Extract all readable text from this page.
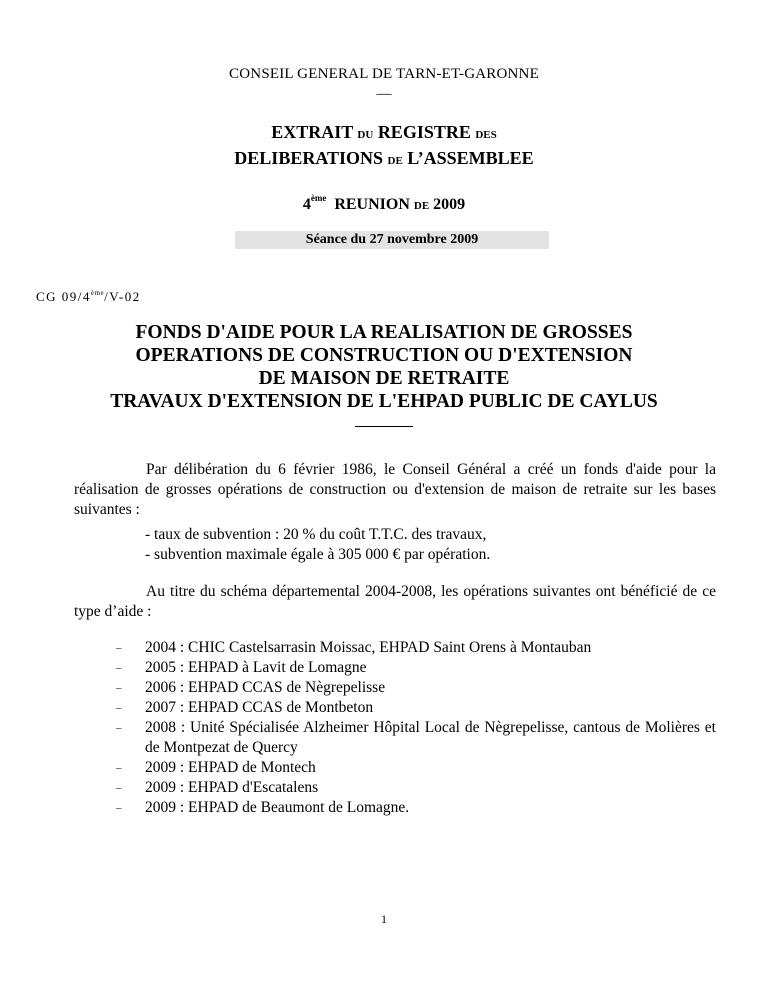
CONSEIL GENERAL DE TARN-ET-GARONNE
—
EXTRAIT DU REGISTRE DES
DELIBERATIONS DE L’ASSEMBLEE
4ème REUNION DE 2009
Séance du 27 novembre 2009
CG 09/4ème/V-02
FONDS D'AIDE POUR LA REALISATION DE GROSSES
OPERATIONS DE CONSTRUCTION OU D'EXTENSION
DE MAISON DE RETRAITE
TRAVAUX D'EXTENSION DE L'EHPAD PUBLIC DE CAYLUS
Par délibération du 6 février 1986, le Conseil Général a créé un fonds d'aide pour la réalisation de grosses opérations de construction ou d'extension de maison de retraite sur les bases suivantes :
- taux de subvention : 20 % du coût T.T.C. des travaux,
- subvention maximale égale à 305 000 € par opération.
Au titre du schéma départemental 2004-2008, les opérations suivantes ont bénéficié de ce type d’aide :
– 2004 : CHIC Castelsarrasin Moissac, EHPAD Saint Orens à Montauban
– 2005 : EHPAD à Lavit de Lomagne
– 2006 : EHPAD CCAS de Nègrepelisse
– 2007 : EHPAD CCAS de Montbeton
– 2008 : Unité Spécialisée Alzheimer Hôpital Local de Nègrepelisse, cantous de Molières et de Montpezat de Quercy
– 2009 : EHPAD de Montech
– 2009 : EHPAD d'Escatalens
– 2009 : EHPAD de Beaumont de Lomagne.
1
